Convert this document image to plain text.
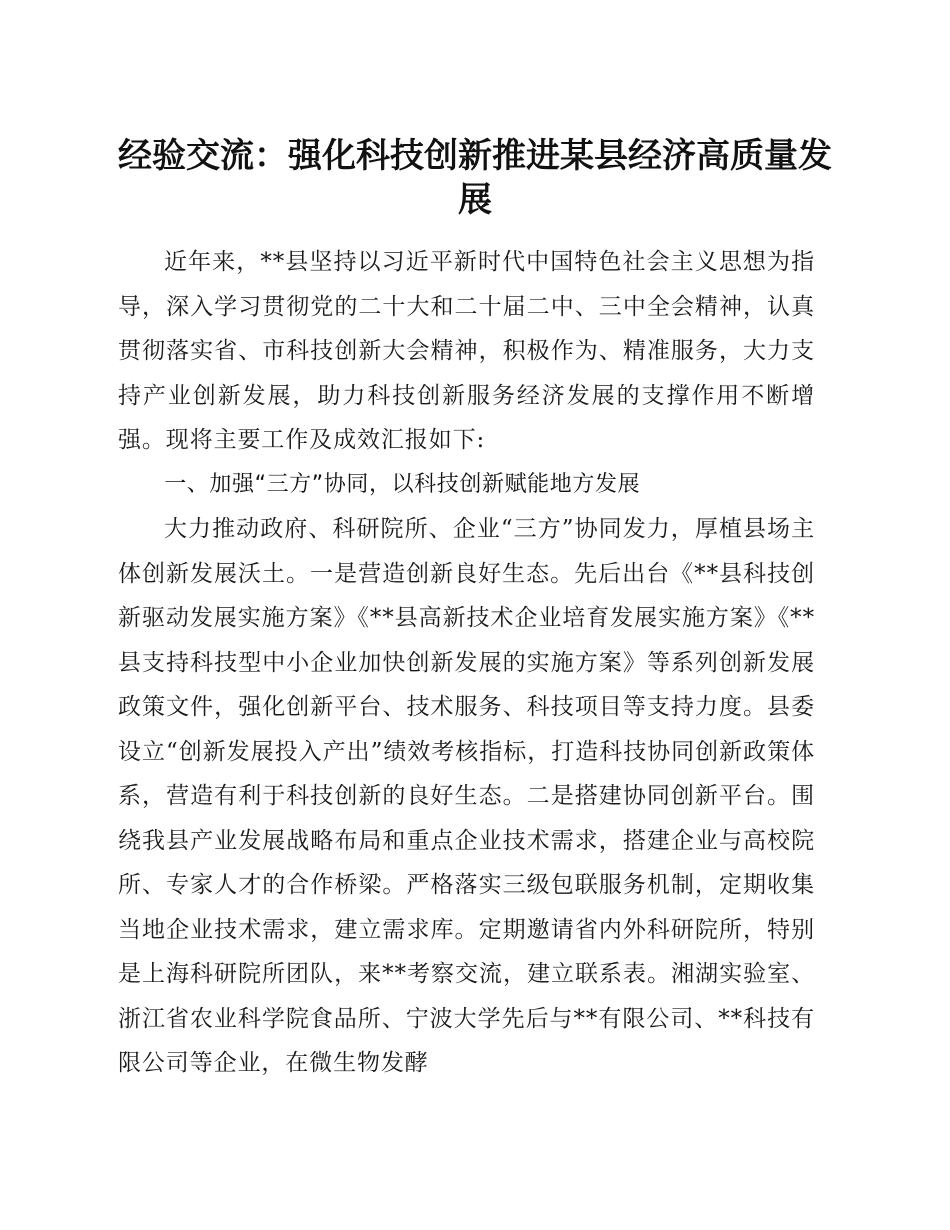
经验交流：强化科技创新推进某县经济高质量发展

近年来，**县坚持以习近平新时代中国特色社会主义思想为指导，深入学习贯彻党的二十大和二十届二中、三中全会精神，认真贯彻落实省、市科技创新大会精神，积极作为、精准服务，大力支持产业创新发展，助力科技创新服务经济发展的支撑作用不断增强。现将主要工作及成效汇报如下:

一、加强“三方”协同，以科技创新赋能地方发展

大力推动政府、科研院所、企业“三方”协同发力，厚植县场主体创新发展沃土。一是营造创新良好生态。先后出台《**县科技创新驱动发展实施方案》《**县高新技术企业培育发展实施方案》《**县支持科技型中小企业加快创新发展的实施方案》等系列创新发展政策文件，强化创新平台、技术服务、科技项目等支持力度。县委设立“创新发展投入产出”绩效考核指标，打造科技协同创新政策体系，营造有利于科技创新的良好生态。二是搭建协同创新平台。围绕我县产业发展战略布局和重点企业技术需求，搭建企业与高校院所、专家人才的合作桥梁。严格落实三级包联服务机制，定期收集当地企业技术需求，建立需求库。定期邀请省内外科研院所，特别是上海科研院所团队，来**考察交流，建立联系表。湘湖实验室、浙江省农业科学院食品所、宁波大学先后与**有限公司、**科技有限公司等企业，在微生物发酵
